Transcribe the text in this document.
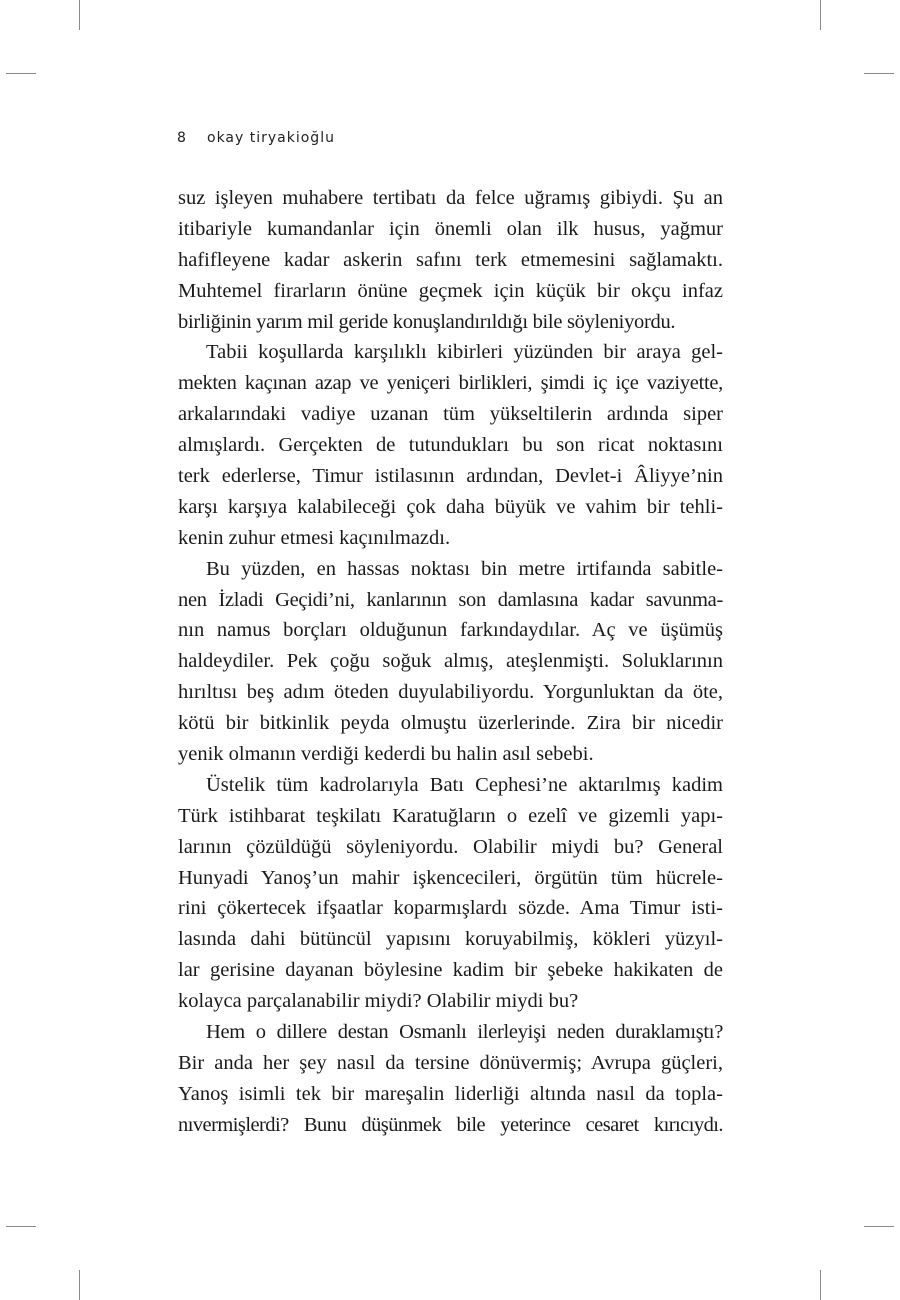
8 okay tiryakioğlu

suz işleyen muhabere tertibatı da felce uğramış gibiydi. Şu an
itibariyle kumandanlar için önemli olan ilk husus, yağmur
hafifleyene kadar askerin safını terk etmemesini sağlamaktı.
Muhtemel firarların önüne geçmek için küçük bir okçu infaz
birliğinin yarım mil geride konuşlandırıldığı bile söyleniyordu.

Tabii koşullarda karşılıklı kibirleri yüzünden bir araya gel-
mekten kaçınan azap ve yeniçeri birlikleri, şimdi iç içe vaziyette,
arkalarındaki vadiye uzanan tüm yükseltilerin ardında siper
almışlardı. Gerçekten de tutundukları bu son ricat noktasını
terk ederlerse, Timur istilasının ardından, Devlet-i Âliyye’nin
karşı karşıya kalabileceği çok daha büyük ve vahim bir tehli-
kenin zuhur etmesi kaçınılmazdı.

Bu yüzden, en hassas noktası bin metre irtifaında sabitle-
nen İzladi Geçidi’ni, kanlarının son damlasına kadar savunma-
nın namus borçları olduğunun farkındaydılar. Aç ve üşümüş
haldeydiler. Pek çoğu soğuk almış, ateşlenmişti. Soluklarının
hırıltısı beş adım öteden duyulabiliyordu. Yorgunluktan da öte,
kötü bir bitkinlik peyda olmuştu üzerlerinde. Zira bir nicedir
yenik olmanın verdiği kederdi bu halin asıl sebebi.

Üstelik tüm kadrolarıyla Batı Cephesi’ne aktarılmış kadim
Türk istihbarat teşkilatı Karatuğların o ezelî ve gizemli yapı-
larının çözüldüğü söyleniyordu. Olabilir miydi bu? General
Hunyadi Yanoş’un mahir işkencecileri, örgütün tüm hücrele-
rini çökertecek ifşaatlar koparmışlardı sözde. Ama Timur isti-
lasında dahi bütüncül yapısını koruyabilmiş, kökleri yüzyıl-
lar gerisine dayanan böylesine kadim bir şebeke hakikaten de
kolayca parçalanabilir miydi? Olabilir miydi bu?

Hem o dillere destan Osmanlı ilerleyişi neden duraklamıştı?
Bir anda her şey nasıl da tersine dönüvermiş; Avrupa güçleri,
Yanoş isimli tek bir mareşalin liderliği altında nasıl da topla-
nıvermişlerdi? Bunu düşünmek bile yeterince cesaret kırıcıydı.
